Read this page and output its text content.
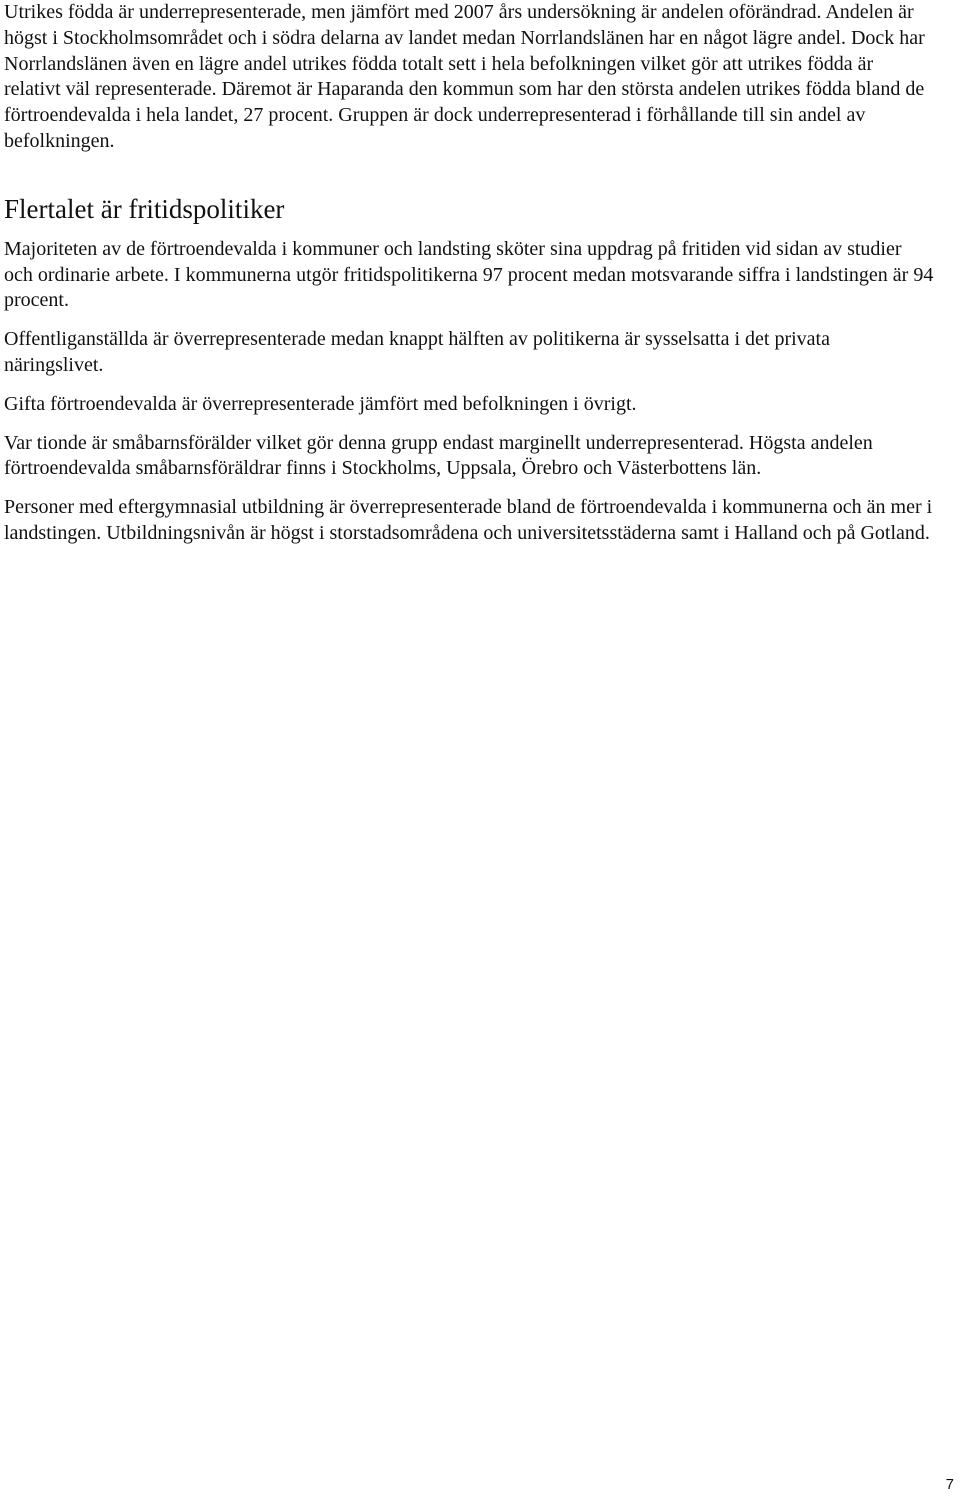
Utrikes födda är underrepresenterade, men jämfört med 2007 års undersökning är andelen oförändrad. Andelen är högst i Stockholmsområdet och i södra delarna av landet medan Norrlandslänen har en något lägre andel. Dock har Norrlandslänen även en lägre andel utrikes födda totalt sett i hela befolkningen vilket gör att utrikes födda är relativt väl representerade. Däremot är Haparanda den kommun som har den största andelen utrikes födda bland de förtroendevalda i hela landet, 27 procent. Gruppen är dock underrepresenterad i förhållande till sin andel av befolkningen.

Flertalet är fritidspolitiker

Majoriteten av de förtroendevalda i kommuner och landsting sköter sina uppdrag på fritiden vid sidan av studier och ordinarie arbete. I kommunerna utgör fritidspolitikerna 97 procent medan motsvarande siffra i landstingen är 94 procent.

Offentliganställda är överrepresenterade medan knappt hälften av politikerna är sysselsatta i det privata näringslivet.

Gifta förtroendevalda är överrepresenterade jämfört med befolkningen i övrigt.

Var tionde är småbarnsförälder vilket gör denna grupp endast marginellt underrepresenterad. Högsta andelen förtroendevalda småbarnsföräldrar finns i Stockholms, Uppsala, Örebro och Västerbottens län.

Personer med eftergymnasial utbildning är överrepresenterade bland de förtroendevalda i kommunerna och än mer i landstingen. Utbildningsnivån är högst i storstadsområdena och universitetsstäderna samt i Halland och på Gotland.

7
